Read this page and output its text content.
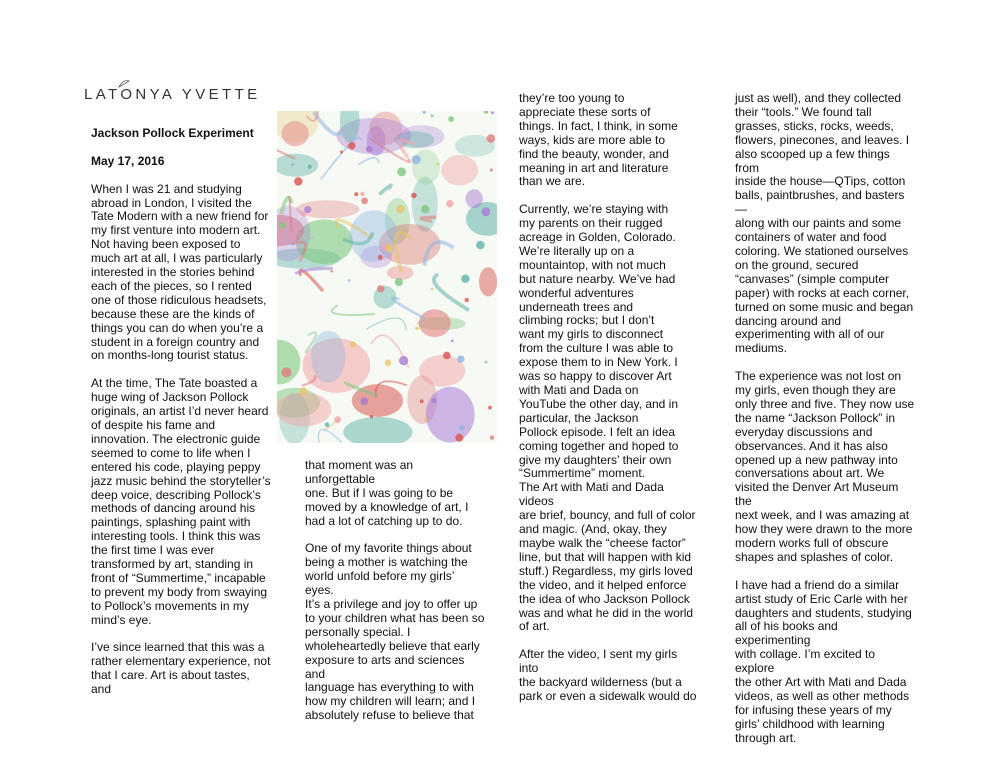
LATONYA YVETTE

Jackson Pollock Experiment

May 17, 2016

When I was 21 and studying
abroad in London, I visited the
Tate Modern with a new friend for
my first venture into modern art.
Not having been exposed to
much art at all, I was particularly
interested in the stories behind
each of the pieces, so I rented
one of those ridiculous headsets,
because these are the kinds of
things you can do when you’re a
student in a foreign country and
on months-long tourist status.
At the time, The Tate boasted a
huge wing of Jackson Pollock
originals, an artist I’d never heard
of despite his fame and
innovation. The electronic guide
seemed to come to life when I
entered his code, playing peppy
jazz music behind the storyteller’s
deep voice, describing Pollock’s
methods of dancing around his
paintings, splashing paint with
interesting tools. I think this was
the first time I was ever
transformed by art, standing in
front of “Summertime,” incapable
to prevent my body from swaying
to Pollock’s movements in my
mind’s eye.
I’ve since learned that this was a
rather elementary experience, not
that I care. Art is about tastes, and
that moment was an unforgettable
one. But if I was going to be
moved by a knowledge of art, I
had a lot of catching up to do.
One of my favorite things about
being a mother is watching the
world unfold before my girls’ eyes.
It’s a privilege and joy to offer up
to your children what has been so
personally special. I
wholeheartedly believe that early
exposure to arts and sciences and
language has everything to with
how my children will learn; and I
absolutely refuse to believe that
they’re too young to
appreciate these sorts of
things. In fact, I think, in some
ways, kids are more able to
find the beauty, wonder, and
meaning in art and literature
than we are.
Currently, we’re staying with
my parents on their rugged
acreage in Golden, Colorado.
We’re literally up on a
mountaintop, with not much
but nature nearby. We’ve had
wonderful adventures
underneath trees and
climbing rocks; but I don’t
want my girls to disconnect
from the culture I was able to
expose them to in New York. I
was so happy to discover Art
with Mati and Dada on
YouTube the other day, and in
particular, the Jackson
Pollock episode. I felt an idea
coming together and hoped to
give my daughters’ their own
“Summertime” moment.
The Art with Mati and Dada videos
are brief, bouncy, and full of color
and magic. (And, okay, they
maybe walk the “cheese factor”
line, but that will happen with kid
stuff.) Regardless, my girls loved
the video, and it helped enforce
the idea of who Jackson Pollock
was and what he did in the world
of art.
After the video, I sent my girls into
the backyard wilderness (but a
park or even a sidewalk would do
just as well), and they collected
their “tools.” We found tall
grasses, sticks, rocks, weeds,
flowers, pinecones, and leaves. I
also scooped up a few things from
inside the house—QTips, cotton
balls, paintbrushes, and basters—
along with our paints and some
containers of water and food
coloring. We stationed ourselves
on the ground, secured
“canvases” (simple computer
paper) with rocks at each corner,
turned on some music and began
dancing around and
experimenting with all of our
mediums.
The experience was not lost on
my girls, even though they are
only three and five. They now use
the name “Jackson Pollock” in
everyday discussions and
observances. And it has also
opened up a new pathway into
conversations about art. We
visited the Denver Art Museum the
next week, and I was amazing at
how they were drawn to the more
modern works full of obscure
shapes and splashes of color.
I have had a friend do a similar
artist study of Eric Carle with her
daughters and students, studying
all of his books and experimenting
with collage. I’m excited to explore
the other Art with Mati and Dada
videos, as well as other methods
for infusing these years of my
girls’ childhood with learning
through art.
